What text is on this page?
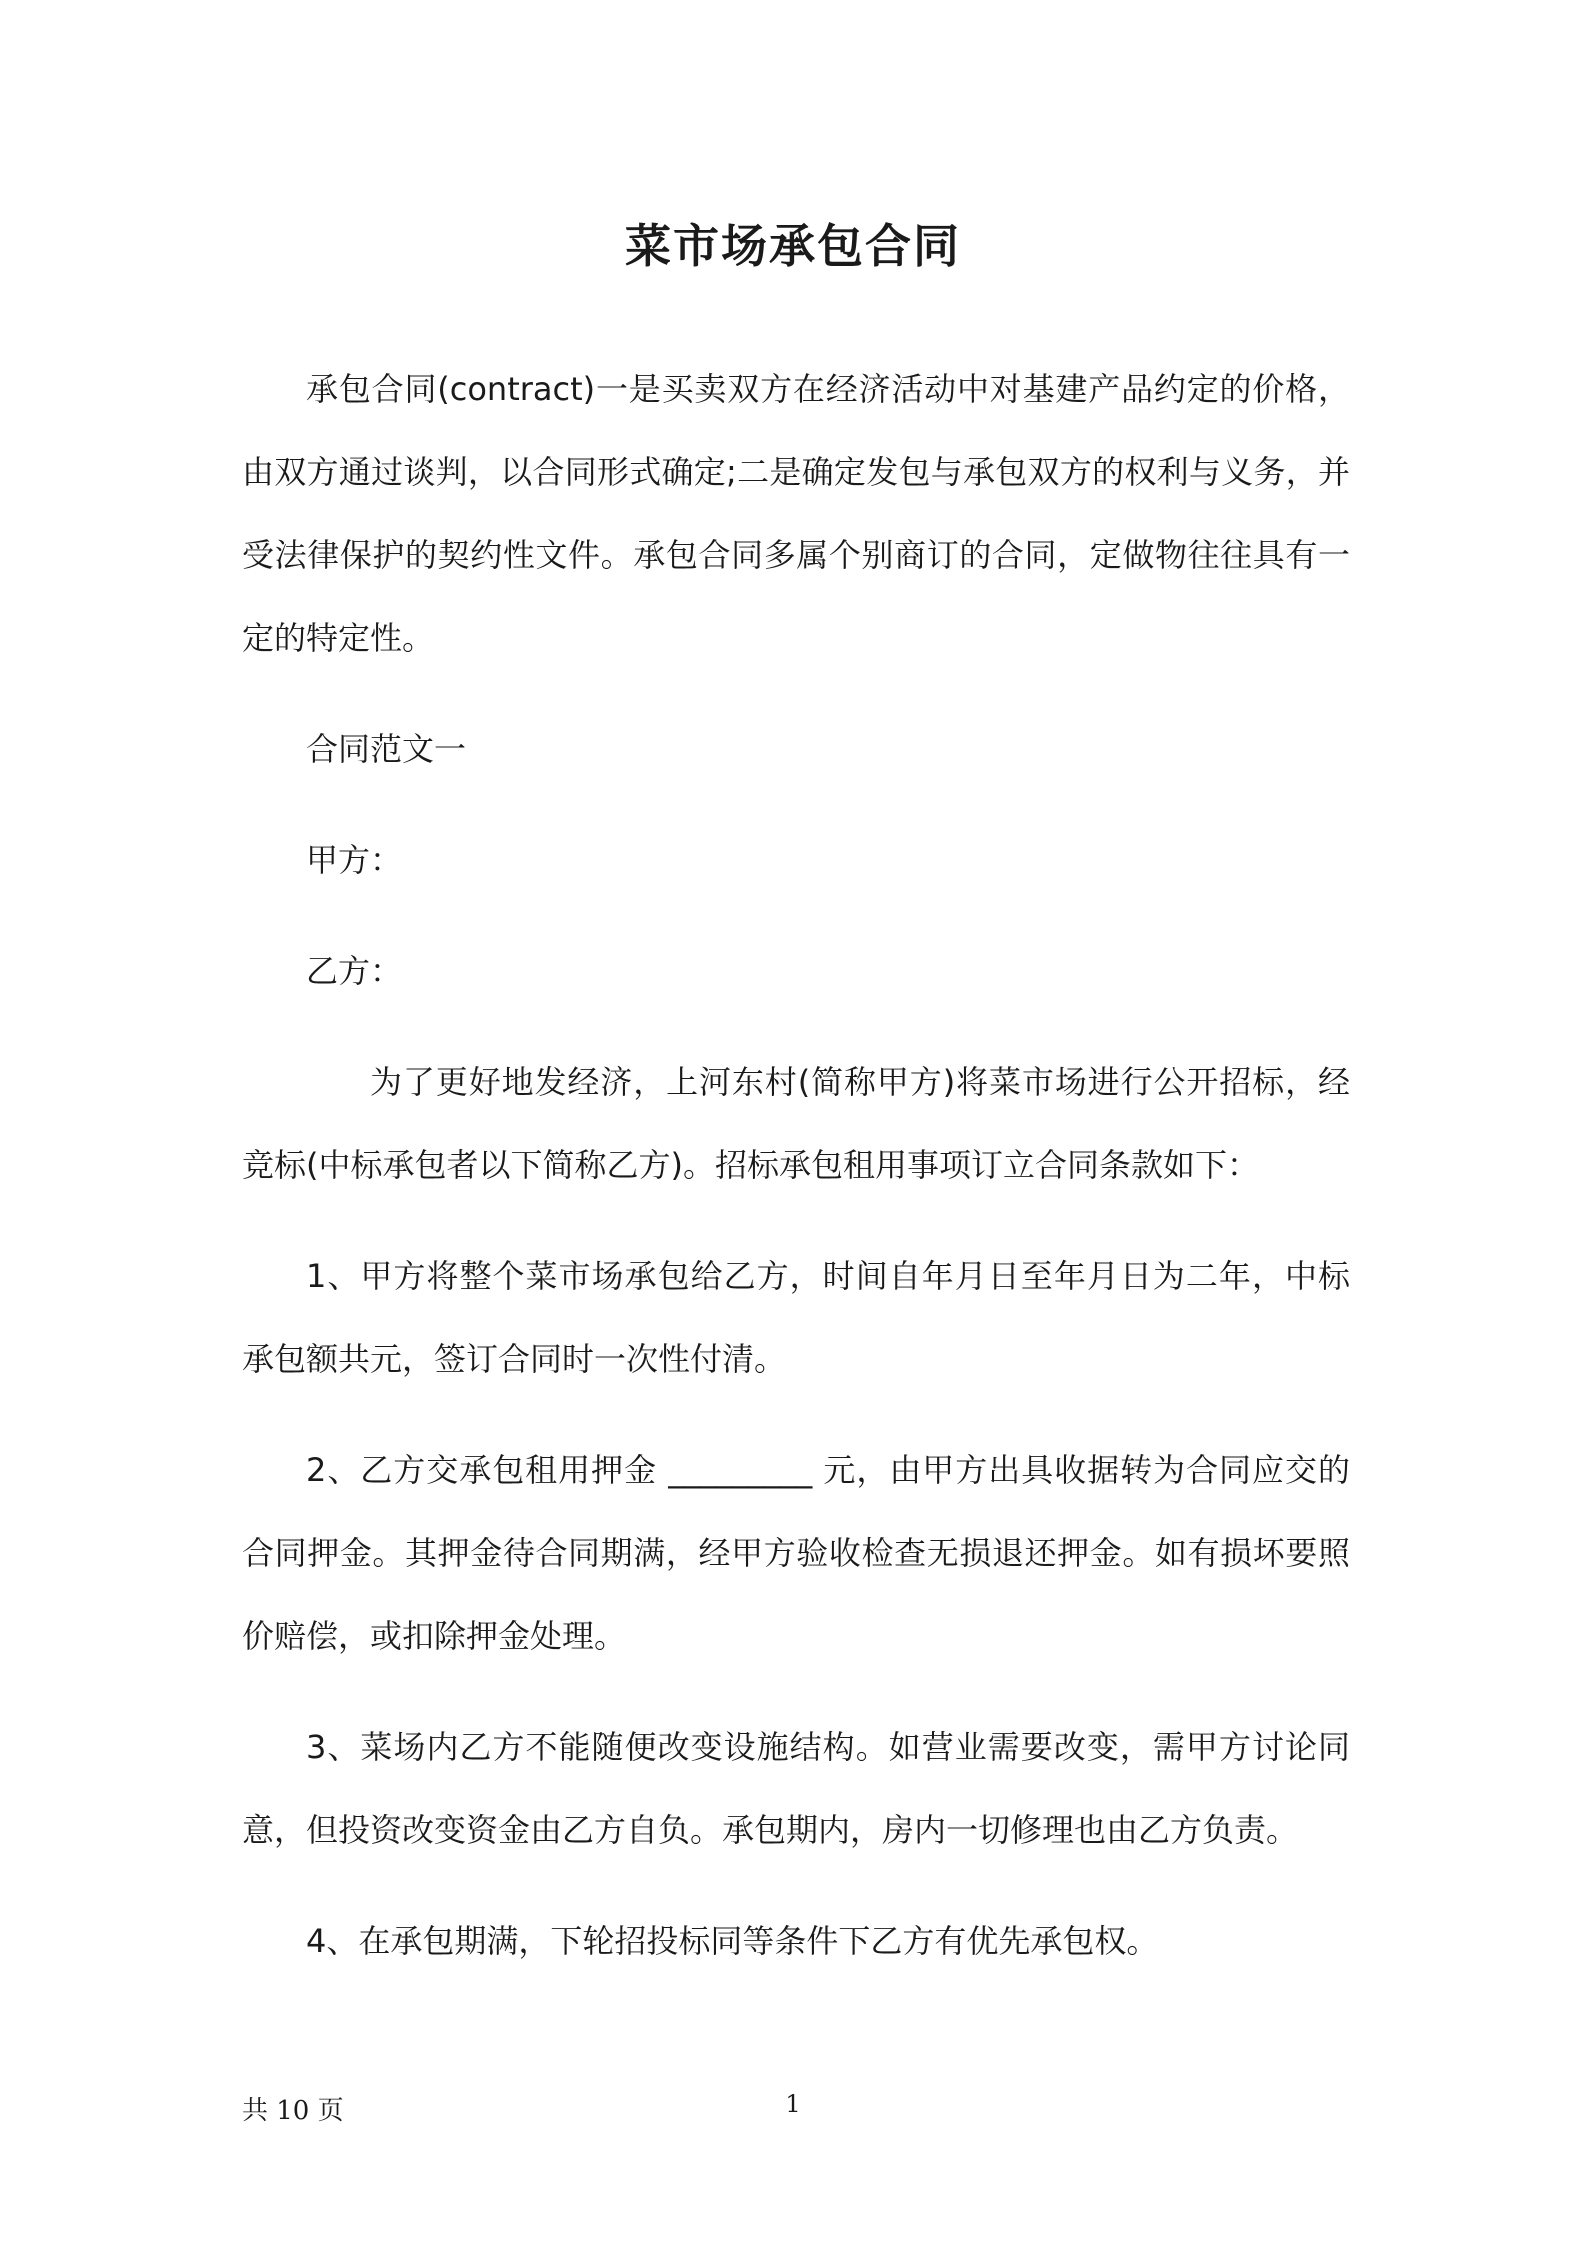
菜市场承包合同

承包合同(contract)一是买卖双方在经济活动中对基建产品约定的价格，由双方通过谈判，以合同形式确定;二是确定发包与承包双方的权利与义务，并受法律保护的契约性文件。承包合同多属个别商订的合同，定做物往往具有一定的特定性。

合同范文一

甲方：

乙方：

为了更好地发经济，上河东村(简称甲方)将菜市场进行公开招标，经竞标(中标承包者以下简称乙方)。招标承包租用事项订立合同条款如下：

1、甲方将整个菜市场承包给乙方，时间自年月日至年月日为二年，中标承包额共元，签订合同时一次性付清。

2、乙方交承包租用押金 _________ 元，由甲方出具收据转为合同应交的合同押金。其押金待合同期满，经甲方验收检查无损退还押金。如有损坏要照价赔偿，或扣除押金处理。

3、菜场内乙方不能随便改变设施结构。如营业需要改变，需甲方讨论同意，但投资改变资金由乙方自负。承包期内，房内一切修理也由乙方负责。

4、在承包期满，下轮招投标同等条件下乙方有优先承包权。

共 10 页	1
